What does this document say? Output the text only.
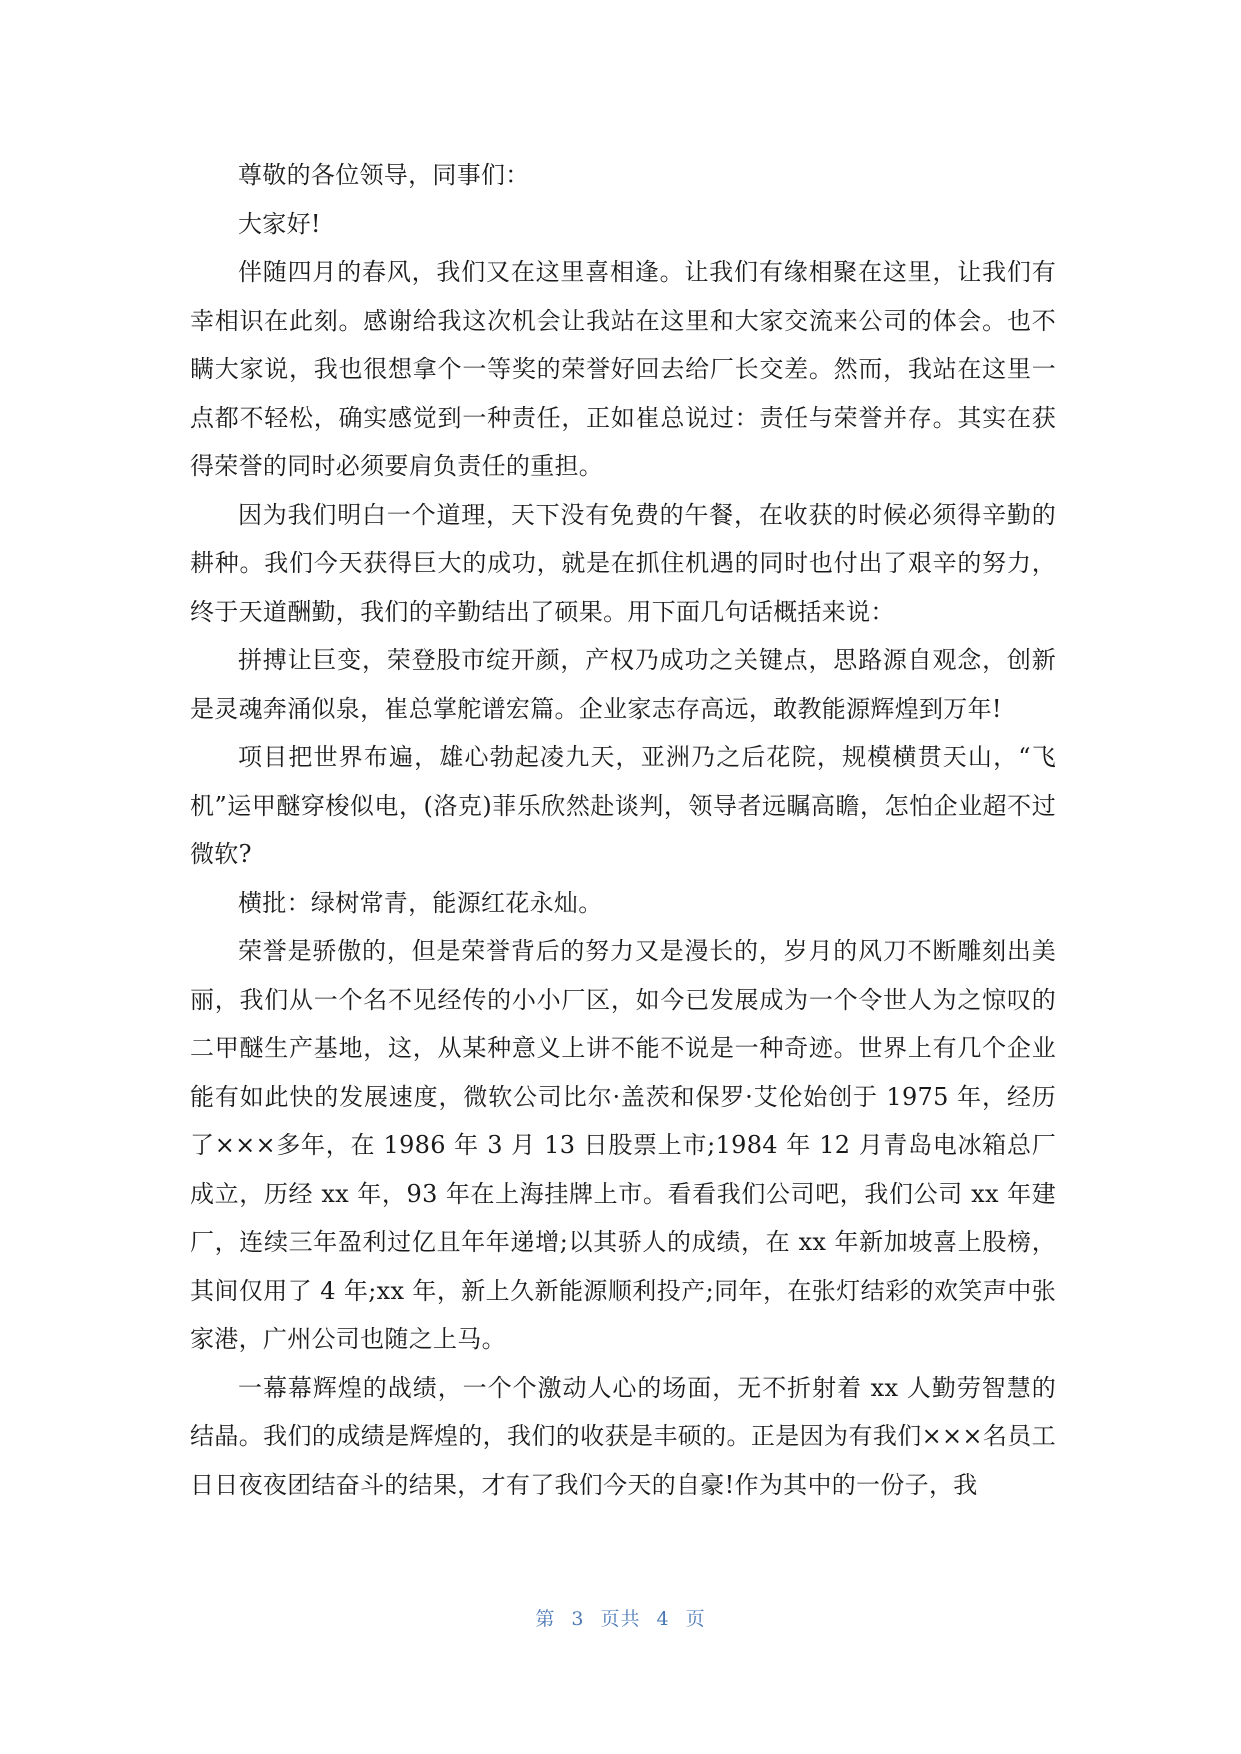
尊敬的各位领导，同事们：

大家好!

伴随四月的春风，我们又在这里喜相逢。让我们有缘相聚在这里，让我们有幸相识在此刻。感谢给我这次机会让我站在这里和大家交流来公司的体会。也不瞒大家说，我也很想拿个一等奖的荣誉好回去给厂长交差。然而，我站在这里一点都不轻松，确实感觉到一种责任，正如崔总说过：责任与荣誉并存。其实在获得荣誉的同时必须要肩负责任的重担。

因为我们明白一个道理，天下没有免费的午餐，在收获的时候必须得辛勤的耕种。我们今天获得巨大的成功，就是在抓住机遇的同时也付出了艰辛的努力，终于天道酬勤，我们的辛勤结出了硕果。用下面几句话概括来说：

拼搏让巨变，荣登股市绽开颜，产权乃成功之关键点，思路源自观念，创新是灵魂奔涌似泉，崔总掌舵谱宏篇。企业家志存高远，敢教能源辉煌到万年!

项目把世界布遍，雄心勃起凌九天，亚洲乃之后花院，规模横贯天山，“飞机”运甲醚穿梭似电，(洛克)菲乐欣然赴谈判，领导者远瞩高瞻，怎怕企业超不过微软?

横批：绿树常青，能源红花永灿。

荣誉是骄傲的，但是荣誉背后的努力又是漫长的，岁月的风刀不断雕刻出美丽，我们从一个名不见经传的小小厂区，如今已发展成为一个令世人为之惊叹的二甲醚生产基地，这，从某种意义上讲不能不说是一种奇迹。世界上有几个企业能有如此快的发展速度，微软公司比尔·盖茨和保罗·艾伦始创于 1975 年，经历了×××多年，在 1986 年 3 月 13 日股票上市;1984 年 12 月青岛电冰箱总厂成立，历经 xx 年，93 年在上海挂牌上市。看看我们公司吧，我们公司 xx 年建厂，连续三年盈利过亿且年年递增;以其骄人的成绩，在 xx 年新加坡喜上股榜，其间仅用了 4 年;xx 年，新上久新能源顺利投产;同年，在张灯结彩的欢笑声中张家港，广州公司也随之上马。

一幕幕辉煌的战绩，一个个激动人心的场面，无不折射着 xx 人勤劳智慧的结晶。我们的成绩是辉煌的，我们的收获是丰硕的。正是因为有我们×××名员工日日夜夜团结奋斗的结果，才有了我们今天的自豪!作为其中的一份子，我

第 3 页共 4 页
